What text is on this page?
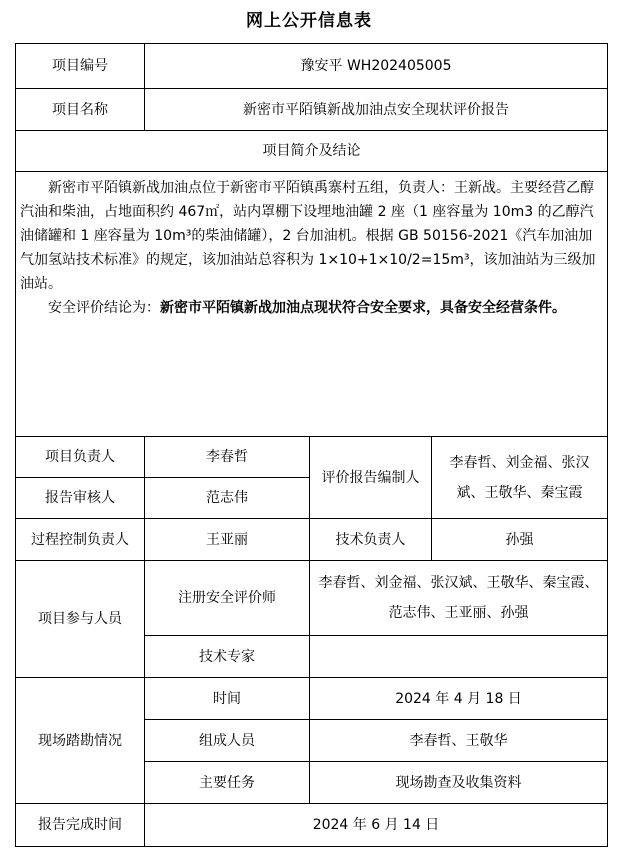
网上公开信息表
项目编号	豫安平 WH202405005		
项目名称	新密市平陌镇新战加油点安全现状评价报告		
项目简介及结论			

新密市平陌镇新战加油点位于新密市平陌镇禹寨村五组，负责人：王新战。主要经营乙醇汽油和柴油，占地面积约 467㎡，站内罩棚下设埋地油罐 2 座（1 座容量为 10m3 的乙醇汽油储罐和 1 座容量为 10m³的柴油储罐），2 台加油机。根据 GB 50156-2021《汽车加油加气加氢站技术标准》的规定，该加油站总容积为 1×10+1×10/2=15m³，该加油站为三级加油站。

安全评价结论为：新密市平陌镇新战加油点现状符合安全要求，具备安全经营条件。			

项目负责人	李春哲	评价报告编制人	李春哲、刘金福、张汉斌、王敬华、秦宝霞
报告审核人	范志伟		
过程控制负责人	王亚丽	技术负责人	孙强
项目参与人员	注册安全评价师	李春哲、刘金福、张汉斌、王敬华、秦宝霞、范志伟、王亚丽、孙强	
	技术专家		
现场踏勘情况	时间	2024 年 4 月 18 日	
	组成人员	李春哲、王敬华	
	主要任务	现场勘查及收集资料	
报告完成时间	2024 年 6 月 14 日		
